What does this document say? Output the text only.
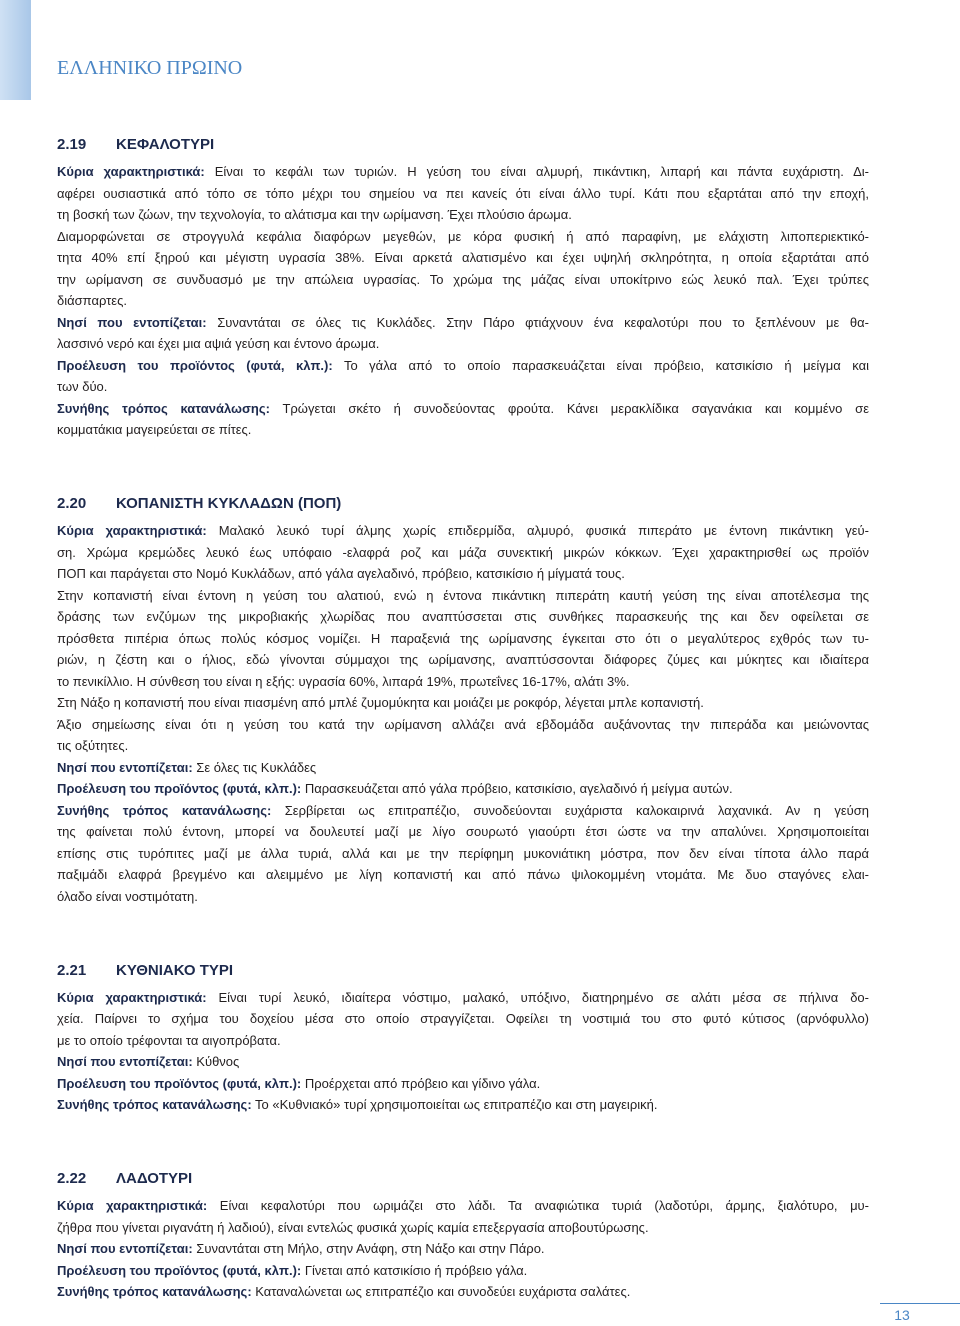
ΕΛΛΗΝΙΚΟ ΠΡΩΙΝΟ
2.19 ΚΕΦΑΛΟΤΥΡΙ
Κύρια χαρακτηριστικά: Είναι το κεφάλι των τυριών. Η γεύση του είναι αλμυρή, πικάντικη, λιπαρή και πάντα ευχάριστη. Δι-
αφέρει ουσιαστικά από τόπο σε τόπο μέχρι του σημείου να πει κανείς ότι είναι άλλο τυρί. Κάτι που εξαρτάται από την εποχή,
τη βοσκή των ζώων, την τεχνολογία, το αλάτισμα και την ωρίμανση. Έχει πλούσιο άρωμα.
Διαμορφώνεται σε στρογγυλά κεφάλια διαφόρων μεγεθών, με κόρα φυσική ή από παραφίνη, με ελάχιστη λιποπεριεκτικό-
τητα 40% επί ξηρού και μέγιστη υγρασία 38%. Είναι αρκετά αλατισμένο και έχει υψηλή σκληρότητα, η οποία εξαρτάται από
την ωρίμανση σε συνδυασμό με την απώλεια υγρασίας. Το χρώμα της μάζας είναι υποκίτρινο εώς λευκό παλ. Έχει τρύπες
διάσπαρτες.
Νησί που εντοπίζεται: Συναντάται σε όλες τις Κυκλάδες. Στην Πάρο φτιάχνουν ένα κεφαλοτύρι που το ξεπλένουν με θα-
λασσινό νερό και έχει μια αψιά γεύση και έντονο άρωμα.
Προέλευση του προϊόντος (φυτά, κλπ.): Το γάλα από το οποίο παρασκευάζεται είναι πρόβειο, κατσικίσιο ή μείγμα και
των δύο.
Συνήθης τρόπος κατανάλωσης: Τρώγεται σκέτο ή συνοδεύοντας φρούτα. Κάνει μερακλίδικα σαγανάκια και κομμένο σε
κομματάκια μαγειρεύεται σε πίτες.
2.20 ΚΟΠΑΝΙΣΤΗ ΚΥΚΛΑΔΩΝ (ΠΟΠ)
Κύρια χαρακτηριστικά: Μαλακό λευκό τυρί άλμης χωρίς επιδερμίδα, αλμυρό, φυσικά πιπεράτο με έντονη πικάντικη γεύ-
ση. Χρώμα κρεμώδες λευκό έως υπόφαιο -ελαφρά ροζ και μάζα συνεκτική μικρών κόκκων. Έχει χαρακτηρισθεί ως προϊόν
ΠΟΠ και παράγεται στο Νομό Κυκλάδων, από γάλα αγελαδινό, πρόβειο, κατσικίσιο ή μίγματά τους.
Στην κοπανιστή είναι έντονη η γεύση του αλατιού, ενώ η έντονα πικάντικη πιπεράτη καυτή γεύση της είναι αποτέλεσμα της
δράσης των ενζύμων της μικροβιακής χλωρίδας που αναπτύσσεται στις συνθήκες παρασκευής της και δεν οφείλεται σε
πρόσθετα πιπέρια όπως πολύς κόσμος νομίζει. Η παραξενιά της ωρίμανσης έγκειται στο ότι ο μεγαλύτερος εχθρός των τυ-
ριών, η ζέστη και ο ήλιος, εδώ γίνονται σύμμαχοι της ωρίμανσης, αναπτύσσονται διάφορες ζύμες και μύκητες και ιδιαίτερα
το πενικίλλιο. Η σύνθεση του είναι η εξής: υγρασία 60%, λιπαρά 19%, πρωτεΐνες 16-17%, αλάτι 3%.
Στη Νάξο η κοπανιστή που είναι πιασμένη από μπλέ ζυμομύκητα και μοιάζει με ροκφόρ, λέγεται μπλε κοπανιστή.
Άξιο σημείωσης είναι ότι η γεύση του κατά την ωρίμανση αλλάζει ανά εβδομάδα αυξάνοντας την πιπεράδα και μειώνοντας
τις οξύτητες.
Νησί που εντοπίζεται: Σε όλες τις Κυκλάδες
Προέλευση του προϊόντος (φυτά, κλπ.): Παρασκευάζεται από γάλα πρόβειο, κατσικίσιο, αγελαδινό ή μείγμα αυτών.
Συνήθης τρόπος κατανάλωσης: Σερβίρεται ως επιτραπέζιο, συνοδεύονται ευχάριστα καλοκαιρινά λαχανικά. Αν η γεύση
της φαίνεται πολύ έντονη, μπορεί να δουλευτεί μαζί με λίγο σουρωτό γιαούρτι έτσι ώστε να την απαλύνει. Χρησιμοποιείται
επίσης στις τυρόπιτες μαζί με άλλα τυριά, αλλά και με την περίφημη μυκονιάτικη μόστρα, πον δεν είναι τίποτα άλλο παρά
παξιμάδι ελαφρά βρεγμένο και αλειμμένο με λίγη κοπανιστή και από πάνω ψιλοκομμένη ντομάτα. Με δυο σταγόνες ελαι-
όλαδο είναι νοστιμότατη.
2.21 ΚΥΘΝΙΑΚΟ ΤΥΡΙ
Κύρια χαρακτηριστικά: Είναι τυρί λευκό, ιδιαίτερα νόστιμο, μαλακό, υπόξινο, διατηρημένο σε αλάτι μέσα σε πήλινα δο-
χεία. Παίρνει το σχήμα του δοχείου μέσα στο οποίο στραγγίζεται. Οφείλει τη νοστιμιά του στο φυτό κύτισος (αρνόφυλλο)
με το οποίο τρέφονται τα αιγοπρόβατα.
Νησί που εντοπίζεται: Κύθνος
Προέλευση του προϊόντος (φυτά, κλπ.): Προέρχεται από πρόβειο και γίδινο γάλα.
Συνήθης τρόπος κατανάλωσης: Το «Κυθνιακό» τυρί χρησιμοποιείται ως επιτραπέζιο και στη μαγειρική.
2.22 ΛΑΔΟΤΥΡΙ
Κύρια χαρακτηριστικά: Είναι κεφαλοτύρι που ωριμάζει στο λάδι. Τα αναφιώτικα τυριά (λαδοτύρι, άρμης, ξιαλότυρο, μυ-
ζήθρα που γίνεται ριγανάτη ή λαδιού), είναι εντελώς φυσικά χωρίς καμία επεξεργασία αποβουτύρωσης.
Νησί που εντοπίζεται: Συναντάται στη Μήλο, στην Ανάφη, στη Νάξο και στην Πάρο.
Προέλευση του προϊόντος (φυτά, κλπ.): Γίνεται από κατσικίσιο ή πρόβειο γάλα.
Συνήθης τρόπος κατανάλωσης: Καταναλώνεται ως επιτραπέζιο και συνοδεύει ευχάριστα σαλάτες.
13
